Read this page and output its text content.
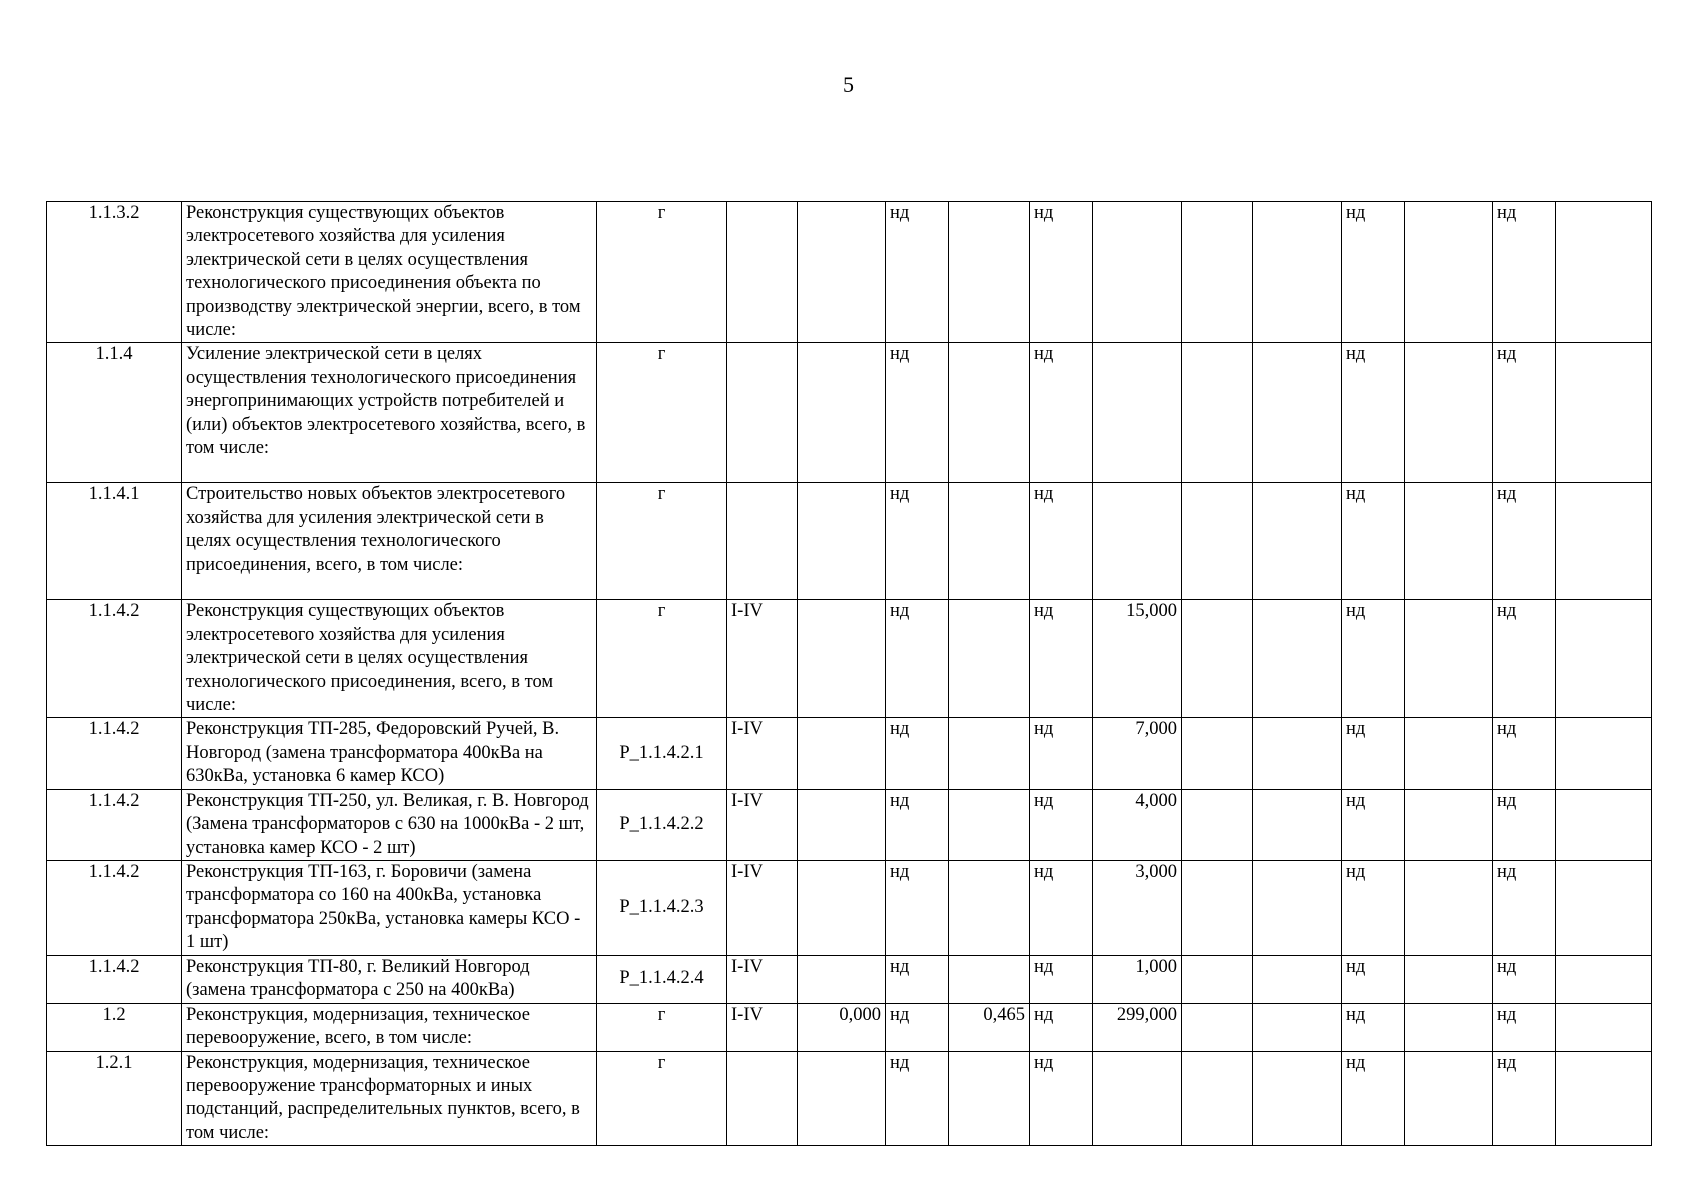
5
1.1.3.2	Реконструкция существующих объектов электросетевого хозяйства для усиления электрической сети в целях осуществления технологического присоединения объекта по производству электрической энергии, всего, в том числе:	г			нд		нд				нд		нд	
1.1.4	Усиление электрической сети в целях осуществления технологического присоединения энергопринимающих устройств потребителей и (или) объектов электросетевого хозяйства, всего, в том числе:	г			нд		нд				нд		нд	
1.1.4.1	Строительство новых объектов электросетевого хозяйства для усиления электрической сети в целях осуществления технологического присоединения, всего, в том числе:	г			нд		нд				нд		нд	
1.1.4.2	Реконструкция существующих объектов электросетевого хозяйства для усиления электрической сети в целях осуществления технологического присоединения, всего, в том числе:	г	I-IV		нд		нд	15,000			нд		нд	
1.1.4.2	Реконструкция ТП-285, Федоровский Ручей, В. Новгород (замена трансформатора 400кВа на 630кВа, установка 6 камер КСО)	P_1.1.4.2.1	I-IV		нд		нд	7,000			нд		нд	
1.1.4.2	Реконструкция ТП-250, ул. Великая, г. В. Новгород (Замена трансформаторов с 630 на 1000кВа - 2 шт, установка камер КСО - 2 шт)	P_1.1.4.2.2	I-IV		нд		нд	4,000			нд		нд	
1.1.4.2	Реконструкция ТП-163, г. Боровичи (замена трансформатора со 160 на 400кВа, установка трансформатора 250кВа, установка камеры КСО - 1 шт)	P_1.1.4.2.3	I-IV		нд		нд	3,000			нд		нд	
1.1.4.2	Реконструкция ТП-80, г. Великий Новгород (замена трансформатора с 250 на 400кВа)	P_1.1.4.2.4	I-IV		нд		нд	1,000			нд		нд	
1.2	Реконструкция, модернизация, техническое перевооружение, всего, в том числе:	г	I-IV	0,000	нд	0,465	нд	299,000			нд		нд	
1.2.1	Реконструкция, модернизация, техническое перевооружение трансформаторных и иных подстанций, распределительных пунктов, всего, в том числе:	г			нд		нд				нд		нд	
